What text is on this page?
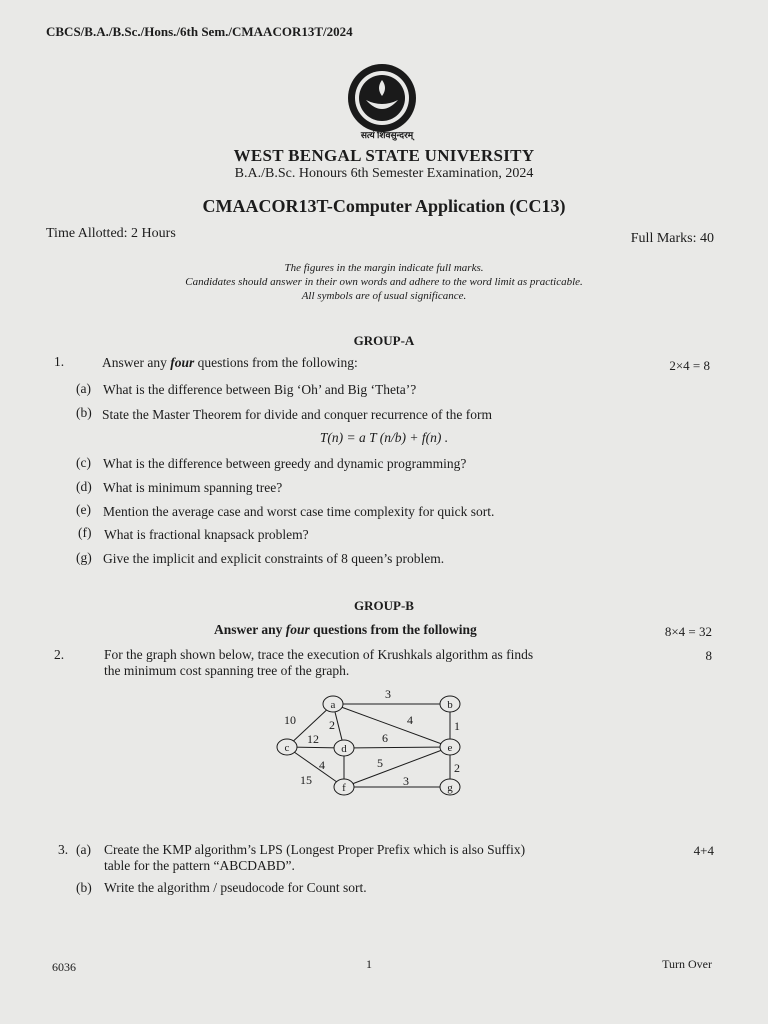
CBCS/B.A./B.Sc./Hons./6th Sem./CMAACOR13T/2024
सत्यं शिवसुन्दरम्
WEST BENGAL STATE UNIVERSITY
B.A./B.Sc. Honours 6th Semester Examination, 2024
CMAACOR13T-Computer Application (CC13)
Time Allotted: 2 Hours	Full Marks: 40
The figures in the margin indicate full marks.
Candidates should answer in their own words and adhere to the word limit as practicable.
All symbols are of usual significance.
GROUP-A
1.	Answer any four questions from the following:	2×4 = 8
(a) What is the difference between Big ‘Oh’ and Big ‘Theta’?
(b) State the Master Theorem for divide and conquer recurrence of the form
T(n) = a T (n/b) + f(n) .
(c) What is the difference between greedy and dynamic programming?
(d) What is minimum spanning tree?
(e) Mention the average case and worst case time complexity for quick sort.
(f) What is fractional knapsack problem?
(g) Give the implicit and explicit constraints of 8 queen’s problem.
GROUP-B
Answer any four questions from the following	8×4 = 32
2.	For the graph shown below, trace the execution of Krushkals algorithm as finds
the minimum cost spanning tree of the graph.
8
3
10	2	4	1
12
15
6
4	5	2
3
a	b
c	d	e
f	g
3. (a) Create the KMP algorithm’s LPS (Longest Proper Prefix which is also Suffix)
table for the pattern “ABCDABD”.
4+4
(b) Write the algorithm / pseudocode for Count sort.
6036	1	Turn Over
